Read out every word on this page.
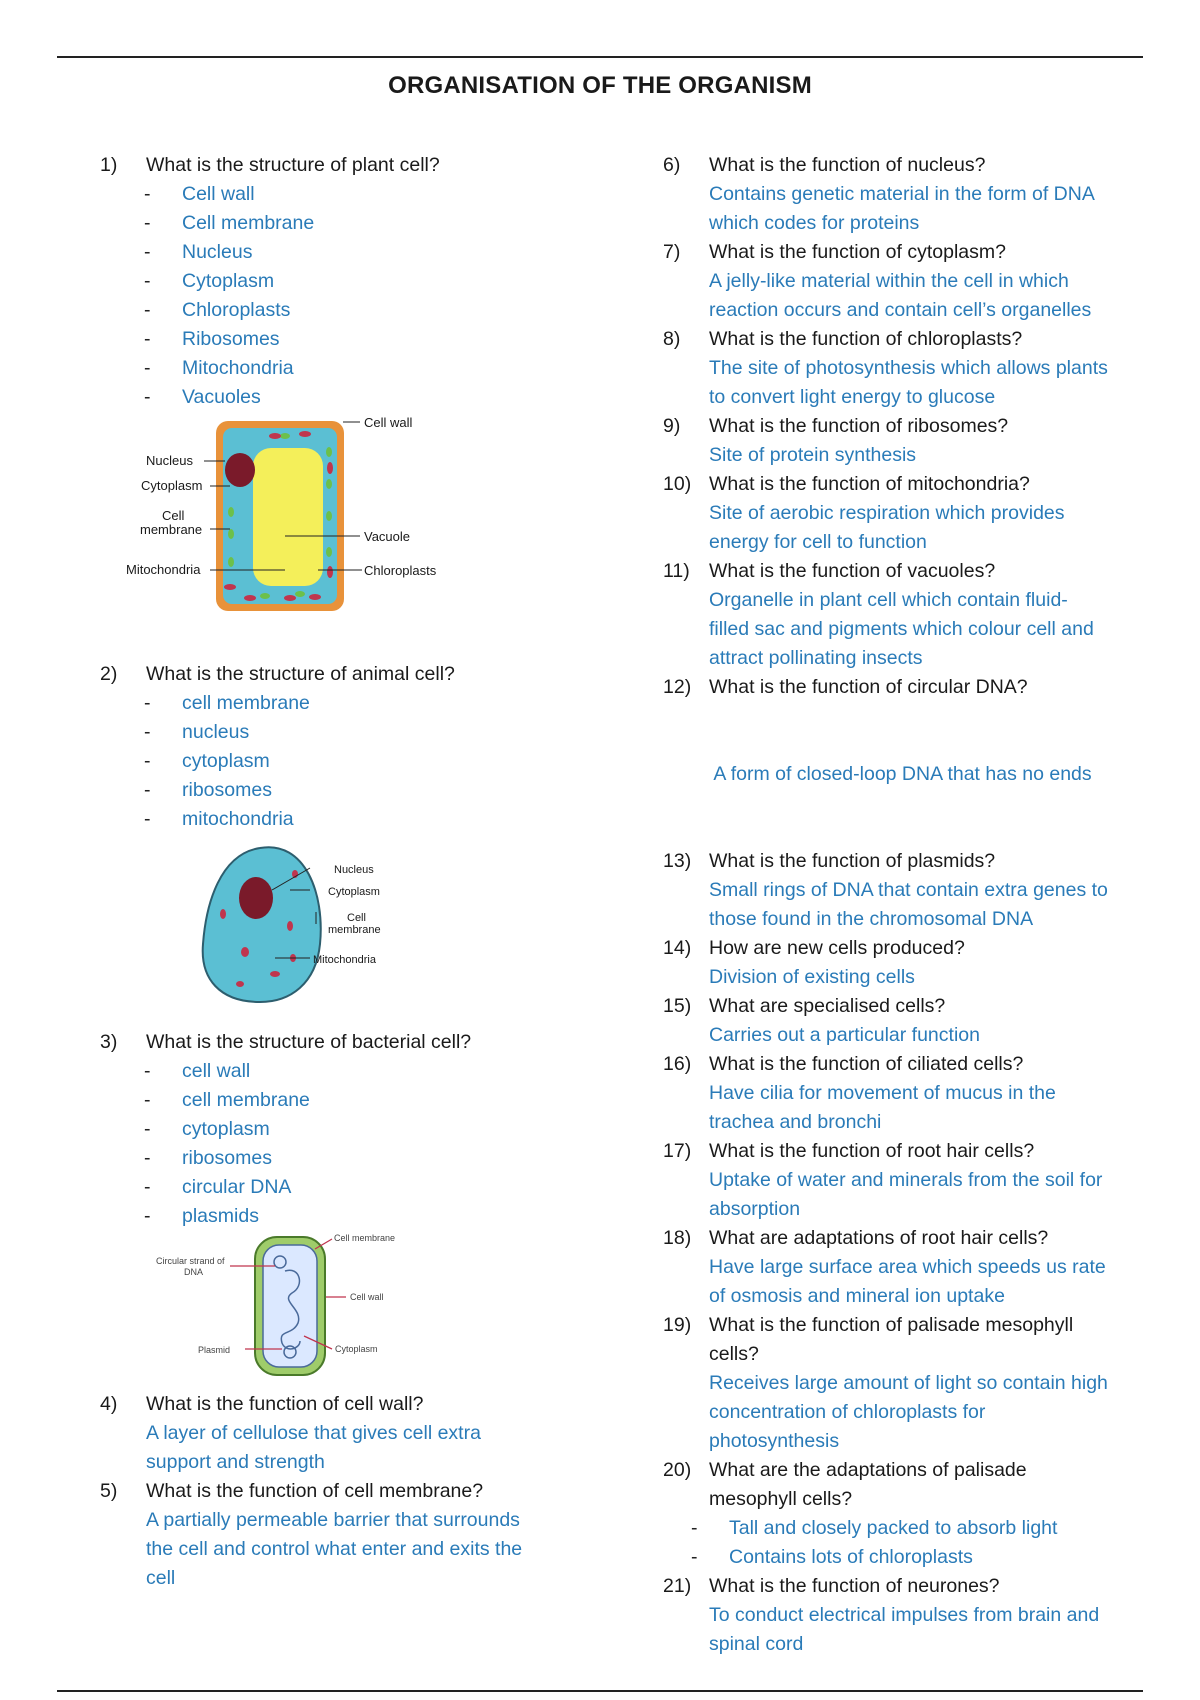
ORGANISATION OF THE ORGANISM
1) What is the structure of plant cell?
- Cell wall
- Cell membrane
- Nucleus
- Cytoplasm
- Chloroplasts
- Ribosomes
- Mitochondria
- Vacuoles
Cell wall
Nucleus
Cytoplasm
Cell
membrane	Vacuole
Mitochondria	Chloroplasts
2) What is the structure of animal cell?
- cell membrane
- nucleus
- cytoplasm
- ribosomes
- mitochondria
Nucleus
Cytoplasm
Cell
membrane
Mitochondria
3) What is the structure of bacterial cell?
- cell wall
- cell membrane
- cytoplasm
- ribosomes
- circular DNA
- plasmids
Circular strand of
DNA
Cell membrane
Cell wall
Plasmid	Cytoplasm
4) What is the function of cell wall?
A layer of cellulose that gives cell extra
support and strength
5) What is the function of cell membrane?
A partially permeable barrier that surrounds
the cell and control what enter and exits the
cell
6) What is the function of nucleus?
Contains genetic material in the form of DNA
which codes for proteins
7) What is the function of cytoplasm?
A jelly-like material within the cell in which
reaction occurs and contain cell’s organelles
8) What is the function of chloroplasts?
The site of photosynthesis which allows plants
to convert light energy to glucose
9) What is the function of ribosomes?
Site of protein synthesis
10) What is the function of mitochondria?
Site of aerobic respiration which provides
energy for cell to function
11) What is the function of vacuoles?
Organelle in plant cell which contain fluid-
filled sac and pigments which colour cell and
attract pollinating insects
12) What is the function of circular DNA?

A form of closed-loop DNA that has no ends

13) What is the function of plasmids?
Small rings of DNA that contain extra genes to
those found in the chromosomal DNA
14) How are new cells produced?
Division of existing cells
15) What are specialised cells?
Carries out a particular function
16) What is the function of ciliated cells?
Have cilia for movement of mucus in the
trachea and bronchi
17) What is the function of root hair cells?
Uptake of water and minerals from the soil for
absorption
18) What are adaptations of root hair cells?
Have large surface area which speeds us rate
of osmosis and mineral ion uptake
19) What is the function of palisade mesophyll
cells?
Receives large amount of light so contain high
concentration of chloroplasts for
photosynthesis
20) What are the adaptations of palisade
mesophyll cells?
- Tall and closely packed to absorb light
- Contains lots of chloroplasts
21) What is the function of neurones?
To conduct electrical impulses from brain and
spinal cord
